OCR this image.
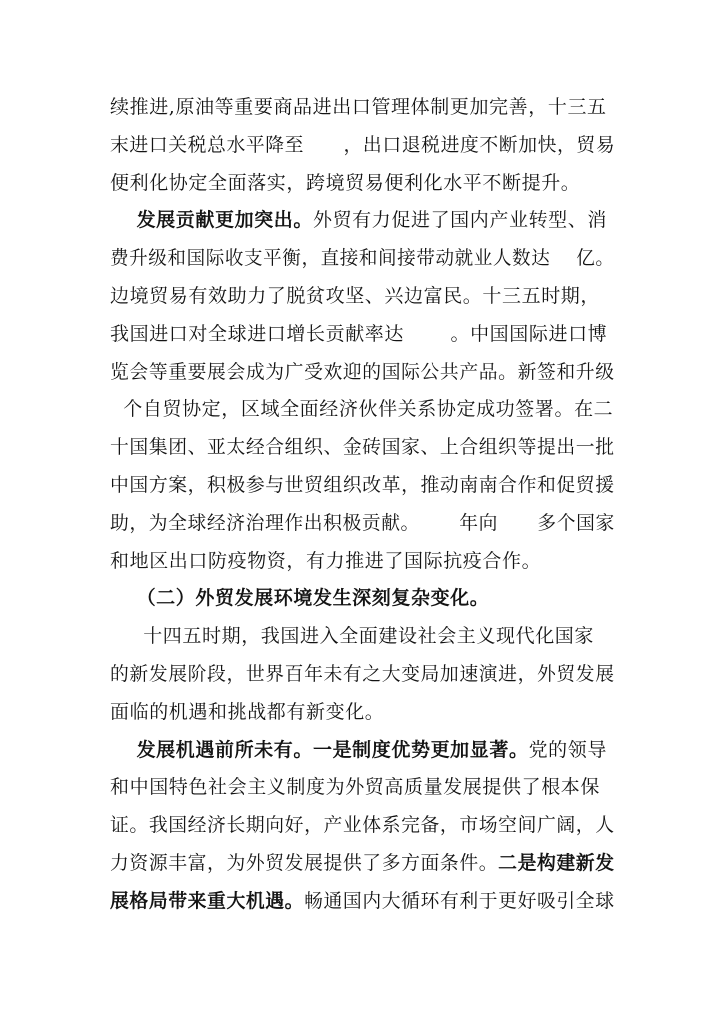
续推进,原油等重要商品进出口管理体制更加完善，十三五
末进口关税总水平降至      ，出口退税进度不断加快，贸易
便利化协定全面落实，跨境贸易便利化水平不断提升。
发展贡献更加突出。外贸有力促进了国内产业转型、消
费升级和国际收支平衡，直接和间接带动就业人数达    亿。
边境贸易有效助力了脱贫攻坚、兴边富民。十三五时期，
我国进口对全球进口增长贡献率达       。中国国际进口博
览会等重要展会成为广受欢迎的国际公共产品。新签和升级
个自贸协定，区域全面经济伙伴关系协定成功签署。在二
十国集团、亚太经合组织、金砖国家、上合组织等提出一批
中国方案，积极参与世贸组织改革，推动南南合作和促贸援
助，为全球经济治理作出积极贡献。      年向      多个国家
和地区出口防疫物资，有力推进了国际抗疫合作。
（二）外贸发展环境发生深刻复杂变化。
十四五时期，我国进入全面建设社会主义现代化国家
的新发展阶段，世界百年未有之大变局加速演进，外贸发展
面临的机遇和挑战都有新变化。
发展机遇前所未有。一是制度优势更加显著。党的领导
和中国特色社会主义制度为外贸高质量发展提供了根本保
证。我国经济长期向好，产业体系完备，市场空间广阔，人
力资源丰富，为外贸发展提供了多方面条件。二是构建新发
展格局带来重大机遇。畅通国内大循环有利于更好吸引全球
